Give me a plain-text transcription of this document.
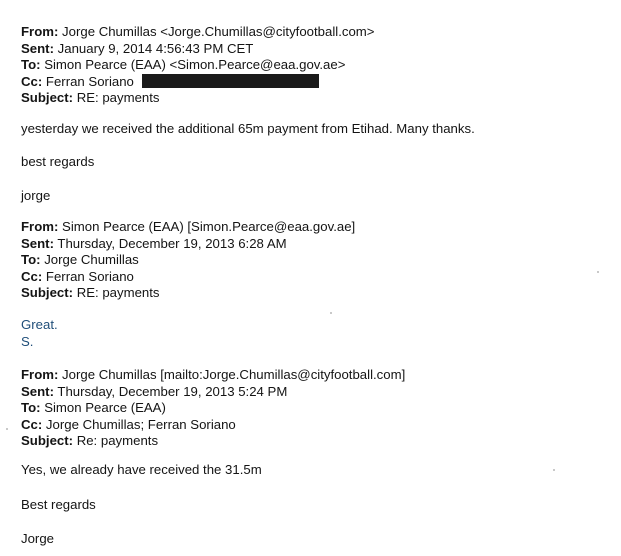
From: Jorge Chumillas <Jorge.Chumillas@cityfootball.com>
Sent: January 9, 2014 4:56:43 PM CET
To: Simon Pearce (EAA) <Simon.Pearce@eaa.gov.ae>
Cc: Ferran Soriano
Subject: RE: payments
yesterday we received the additional 65m payment from Etihad. Many thanks.
best regards
jorge
From: Simon Pearce (EAA) [Simon.Pearce@eaa.gov.ae]
Sent: Thursday, December 19, 2013 6:28 AM
To: Jorge Chumillas
Cc: Ferran Soriano
Subject: RE: payments
Great.
S.
From: Jorge Chumillas [mailto:Jorge.Chumillas@cityfootball.com]
Sent: Thursday, December 19, 2013 5:24 PM
To: Simon Pearce (EAA)
Cc: Jorge Chumillas; Ferran Soriano
Subject: Re: payments
Yes, we already have received the 31.5m
Best regards
Jorge
